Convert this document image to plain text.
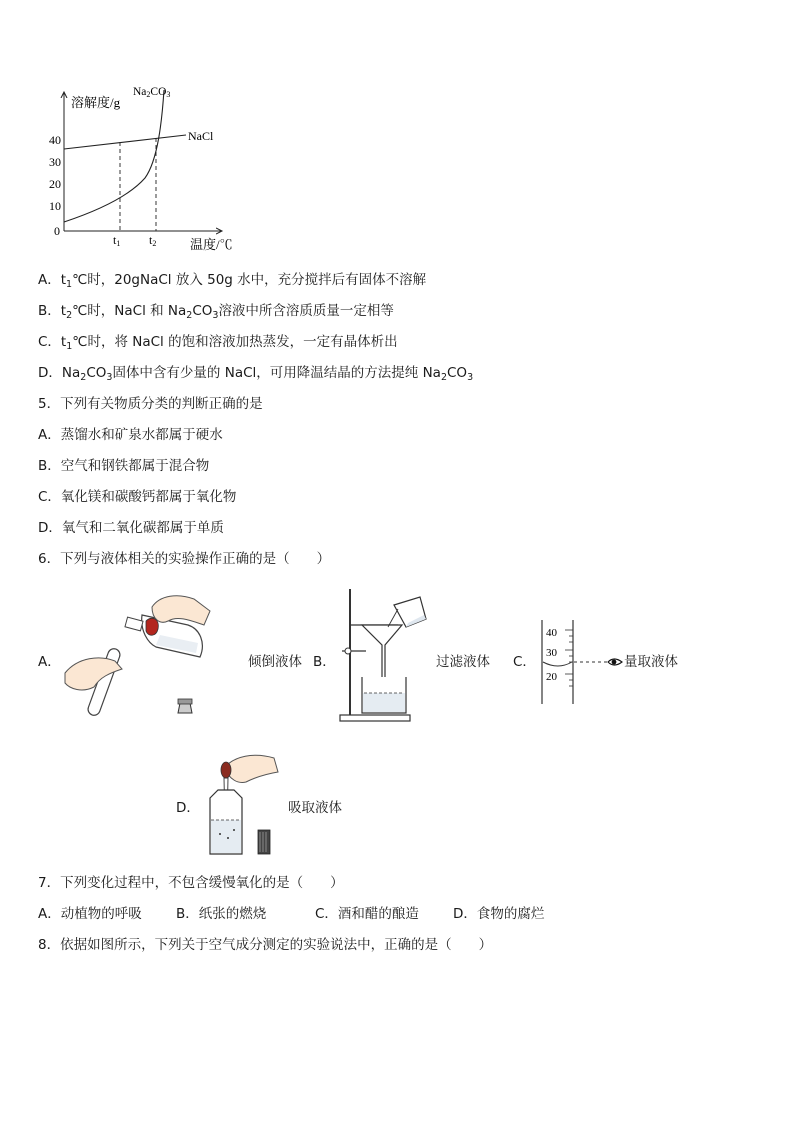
溶解度/g
40
30
20
10
0
NaCl
Na2CO3
t1 t2	温度/℃
A．$t_1℃$时，20gNaCl 放入 50g 水中，充分搅拌后有固体不溶解
B．$t_2℃$时，NaCl 和 $Na_2CO_3$溶液中所含溶质质量一定相等
C．$t_1℃$时，将 NaCl 的饱和溶液加热蒸发，一定有晶体析出
D．$Na_2CO_3$固体中含有少量的 NaCl，可用降温结晶的方法提纯 $Na_2CO_3$
5．下列有关物质分类的判断正确的是
A．蒸馏水和矿泉水都属于硬水
B．空气和钢铁都属于混合物
C．氧化镁和碳酸钙都属于氧化物
D．氧气和二氧化碳都属于单质
6．下列与液体相关的实验操作正确的是（　　）
A．	倾倒液体 B．	过滤液体 C．
40
30
20
量取液体
D．	吸取液体
7．下列变化过程中，不包含缓慢氧化的是（　　）
A．动植物的呼吸	B．纸张的燃烧	C．酒和醋的酿造	D．食物的腐烂
8．依据如图所示，下列关于空气成分测定的实验说法中，正确的是（　　）
